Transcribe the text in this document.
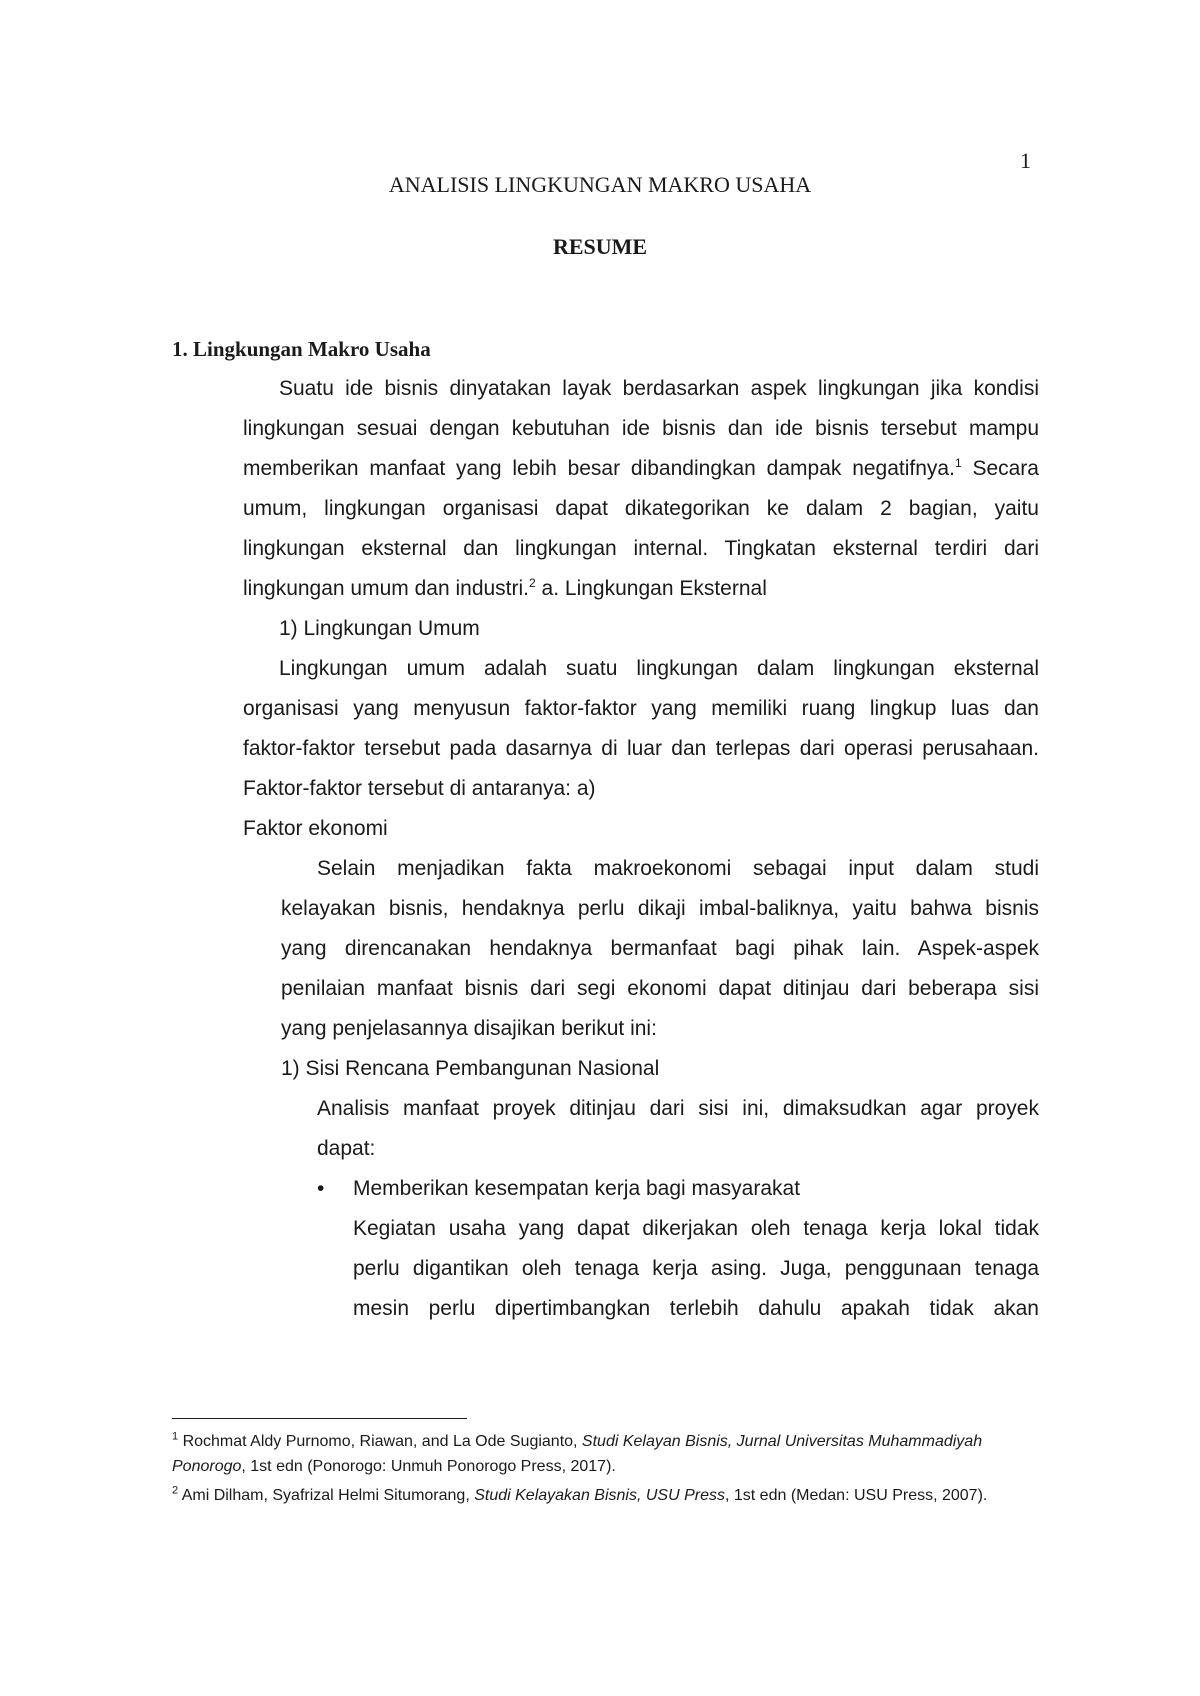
1
ANALISIS LINGKUNGAN MAKRO USAHA
RESUME
1. Lingkungan Makro Usaha
Suatu ide bisnis dinyatakan layak berdasarkan aspek lingkungan jika kondisi
lingkungan sesuai dengan kebutuhan ide bisnis dan ide bisnis tersebut mampu
memberikan manfaat yang lebih besar dibandingkan dampak negatifnya.$^1$ Secara
umum, lingkungan organisasi dapat dikategorikan ke dalam 2 bagian, yaitu
lingkungan eksternal dan lingkungan internal. Tingkatan eksternal terdiri dari
lingkungan umum dan industri.$^2$ a. Lingkungan Eksternal
1) Lingkungan Umum
Lingkungan umum adalah suatu lingkungan dalam lingkungan eksternal
organisasi yang menyusun faktor-faktor yang memiliki ruang lingkup luas dan
faktor-faktor tersebut pada dasarnya di luar dan terlepas dari operasi perusahaan.
Faktor-faktor tersebut di antaranya: a)
Faktor ekonomi
Selain menjadikan fakta makroekonomi sebagai input dalam studi
kelayakan bisnis, hendaknya perlu dikaji imbal-baliknya, yaitu bahwa bisnis
yang direncanakan hendaknya bermanfaat bagi pihak lain. Aspek-aspek
penilaian manfaat bisnis dari segi ekonomi dapat ditinjau dari beberapa sisi
yang penjelasannya disajikan berikut ini:
1) Sisi Rencana Pembangunan Nasional
Analisis manfaat proyek ditinjau dari sisi ini, dimaksudkan agar proyek
dapat:
• Memberikan kesempatan kerja bagi masyarakat
Kegiatan usaha yang dapat dikerjakan oleh tenaga kerja lokal tidak
perlu digantikan oleh tenaga kerja asing. Juga, penggunaan tenaga
mesin perlu dipertimbangkan terlebih dahulu apakah tidak akan
$^1$ Rochmat Aldy Purnomo, Riawan, and La Ode Sugianto, Studi Kelayan Bisnis, Jurnal Universitas Muhammadiyah Ponorogo, 1st edn (Ponorogo: Unmuh Ponorogo Press, 2017).
$^2$ Ami Dilham, Syafrizal Helmi Situmorang, Studi Kelayakan Bisnis, USU Press, 1st edn (Medan: USU Press, 2007).
